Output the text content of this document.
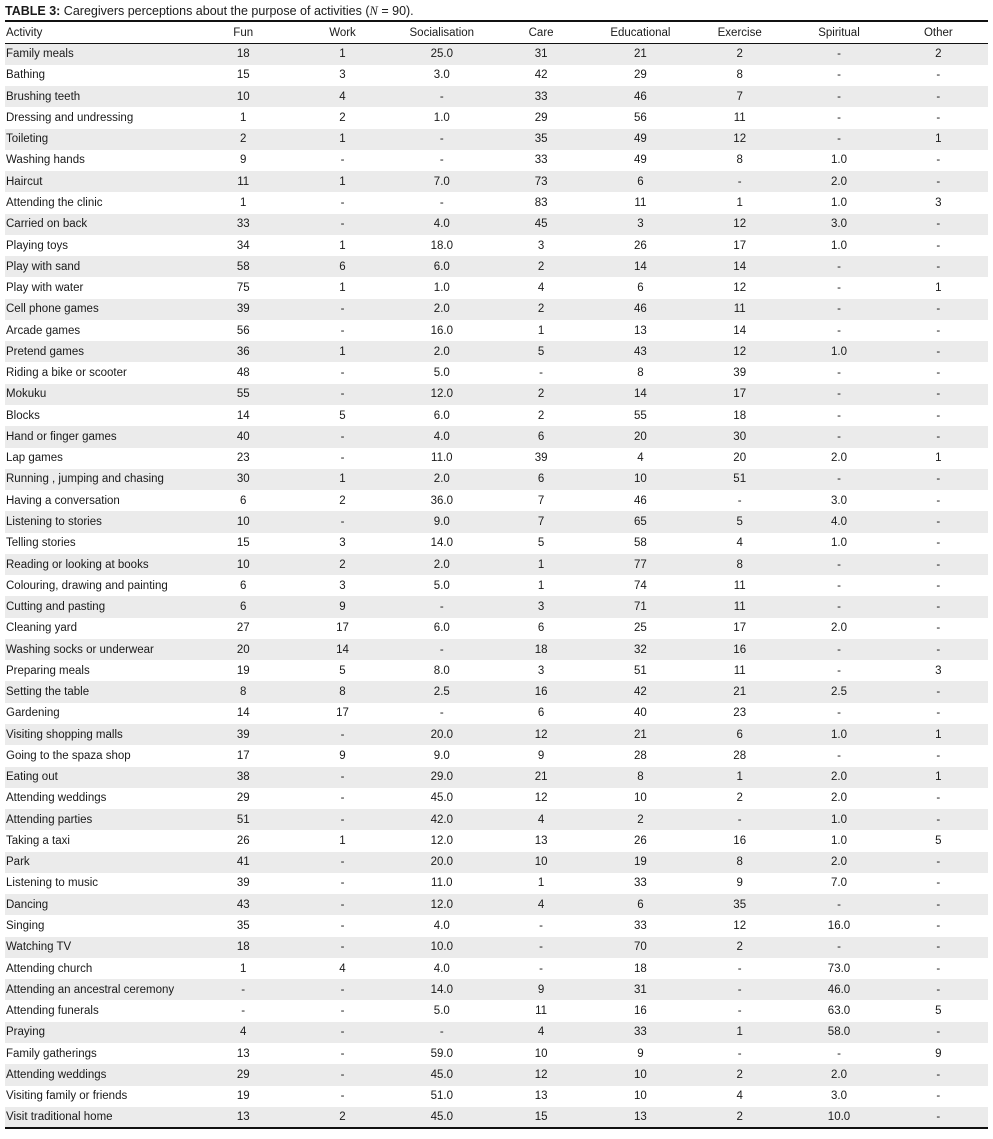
TABLE 3: Caregivers perceptions about the purpose of activities (N = 90).
Activity	Fun	Work	Socialisation	Care	Educational	Exercise	Spiritual	Other
Family meals	18	1	25.0	31	21	2	-	2
Bathing	15	3	3.0	42	29	8	-	-
Brushing teeth	10	4	-	33	46	7	-	-
Dressing and undressing	1	2	1.0	29	56	11	-	-
Toileting	2	1	-	35	49	12	-	1
Washing hands	9	-	-	33	49	8	1.0	-
Haircut	11	1	7.0	73	6	-	2.0	-
Attending the clinic	1	-	-	83	11	1	1.0	3
Carried on back	33	-	4.0	45	3	12	3.0	-
Playing toys	34	1	18.0	3	26	17	1.0	-
Play with sand	58	6	6.0	2	14	14	-	-
Play with water	75	1	1.0	4	6	12	-	1
Cell phone games	39	-	2.0	2	46	11	-	-
Arcade games	56	-	16.0	1	13	14	-	-
Pretend games	36	1	2.0	5	43	12	1.0	-
Riding a bike or scooter	48	-	5.0	-	8	39	-	-
Mokuku	55	-	12.0	2	14	17	-	-
Blocks	14	5	6.0	2	55	18	-	-
Hand or finger games	40	-	4.0	6	20	30	-	-
Lap games	23	-	11.0	39	4	20	2.0	1
Running , jumping and chasing	30	1	2.0	6	10	51	-	-
Having a conversation	6	2	36.0	7	46	-	3.0	-
Listening to stories	10	-	9.0	7	65	5	4.0	-
Telling stories	15	3	14.0	5	58	4	1.0	-
Reading or looking at books	10	2	2.0	1	77	8	-	-
Colouring, drawing and painting	6	3	5.0	1	74	11	-	-
Cutting and pasting	6	9	-	3	71	11	-	-
Cleaning yard	27	17	6.0	6	25	17	2.0	-
Washing socks or underwear	20	14	-	18	32	16	-	-
Preparing meals	19	5	8.0	3	51	11	-	3
Setting the table	8	8	2.5	16	42	21	2.5	-
Gardening	14	17	-	6	40	23	-	-
Visiting shopping malls	39	-	20.0	12	21	6	1.0	1
Going to the spaza shop	17	9	9.0	9	28	28	-	-
Eating out	38	-	29.0	21	8	1	2.0	1
Attending weddings	29	-	45.0	12	10	2	2.0	-
Attending parties	51	-	42.0	4	2	-	1.0	-
Taking a taxi	26	1	12.0	13	26	16	1.0	5
Park	41	-	20.0	10	19	8	2.0	-
Listening to music	39	-	11.0	1	33	9	7.0	-
Dancing	43	-	12.0	4	6	35	-	-
Singing	35	-	4.0	-	33	12	16.0	-
Watching TV	18	-	10.0	-	70	2	-	-
Attending church	1	4	4.0	-	18	-	73.0	-
Attending an ancestral ceremony	-	-	14.0	9	31	-	46.0	-
Attending funerals	-	-	5.0	11	16	-	63.0	5
Praying	4	-	-	4	33	1	58.0	-
Family gatherings	13	-	59.0	10	9	-	-	9
Attending weddings	29	-	45.0	12	10	2	2.0	-
Visiting family or friends	19	-	51.0	13	10	4	3.0	-
Visit traditional home	13	2	45.0	15	13	2	10.0	-
